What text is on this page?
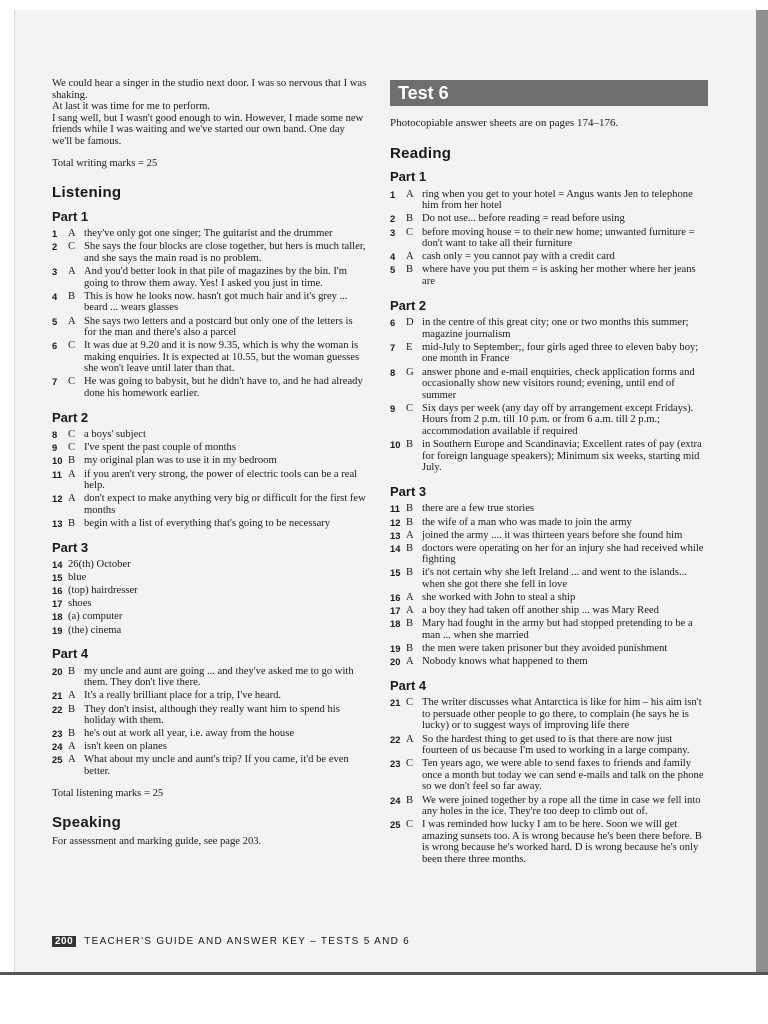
We could hear a singer in the studio next door. I was so nervous that I was shaking.

At last it was time for me to perform.

I sang well, but I wasn't good enough to win. However, I made some new friends while I was waiting and we've started our own band. One day we'll be famous.

Total writing marks = 25

Listening
Part 1
1	A they've only got one singer; The guitarist and the drummer
2	C She says the four blocks are close together, but hers is much taller, and she says the main road is no problem.
3	A And you'd better look in that pile of magazines by the bin. I'm going to throw them away. Yes! I asked you just in time.
4	B This is how he looks now. hasn't got much hair and it's grey ... beard ... wears glasses
5	A She says two letters and a postcard but only one of the letters is for the man and there's also a parcel
6	C It was due at 9.20 and it is now 9.35, which is why the woman is making enquiries. It is expected at 10.55, but the woman guesses she won't leave until later than that.
7	C He was going to babysit, but he didn't have to, and he had already done his homework earlier.
Part 2
8	C a boys' subject
9	C I've spent the past couple of months
10 B my original plan was to use it in my bedroom
11 A if you aren't very strong, the power of electric tools can be a real help.
12 A don't expect to make anything very big or difficult for the first few months
13 B begin with a list of everything that's going to be necessary
Part 3
14 26(th) October
15 blue
16 (top) hairdresser
17 shoes
18 (a) computer
19 (the) cinema
Part 4
20 B my uncle and aunt are going ... and they've asked me to go with them. They don't live there.
21 A It's a really brilliant place for a trip, I've heard.
22 B They don't insist, although they really want him to spend his holiday with them.
23 B he's out at work all year, i.e. away from the house
24 A isn't keen on planes
25 A What about my uncle and aunt's trip? If you came, it'd be even better.

Total listening marks = 25

Speaking

For assessment and marking guide, see page 203.

Test 6

Photocopiable answer sheets are on pages 174–176.

Reading
Part 1
1	A ring when you get to your hotel = Angus wants Jen to telephone him from her hotel
2	B Do not use... before reading = read before using
3	C before moving house = to their new home; unwanted furniture = don't want to take all their furniture
4	A cash only = you cannot pay with a credit card
5	B where have you put them = is asking her mother where her jeans are
Part 2
6	D in the centre of this great city; one or two months this summer; magazine journalism
7	E mid-July to September;, four girls aged three to eleven baby boy; one month in France
8	G answer phone and e-mail enquiries, check application forms and occasionally show new visitors round; evening, until end of summer
9	C Six days per week (any day off by arrangement except Fridays). Hours from 2 p.m. till 10 p.m. or from 6 a.m. till 2 p.m.; accommodation available if required
10 B in Southern Europe and Scandinavia; Excellent rates of pay (extra for foreign language speakers); Minimum six weeks, starting mid July.
Part 3
11 B there are a few true stories
12 B the wife of a man who was made to join the army
13 A joined the army .... it was thirteen years before she found him
14 B doctors were operating on her for an injury she had received while fighting
15 B it's not certain why she left Ireland ... and went to the islands... when she got there she fell in love
16 A she worked with John to steal a ship
17 A a boy they had taken off another ship ... was Mary Reed
18 B Mary had fought in the army but had stopped pretending to be a man ... when she married
19 B the men were taken prisoner but they avoided punishment
20 A Nobody knows what happened to them
Part 4
21 C The writer discusses what Antarctica is like for him – his aim isn't to persuade other people to go there, to complain (he says he is lucky) or to suggest ways of improving life there
22 A So the hardest thing to get used to is that there are now just fourteen of us because I'm used to working in a large company.
23 C Ten years ago, we were able to send faxes to friends and family once a month but today we can send e-mails and talk on the phone so we don't feel so far away.
24 B We were joined together by a rope all the time in case we fell into any holes in the ice. They're too deep to climb out of.
25 C I was reminded how lucky I am to be here. Soon we will get amazing sunsets too. A is wrong because he's been there before. B is wrong because he's worked hard. D is wrong because he's only been there three months.
200	TEACHER'S GUIDE AND ANSWER KEY – TESTS 5 AND 6
